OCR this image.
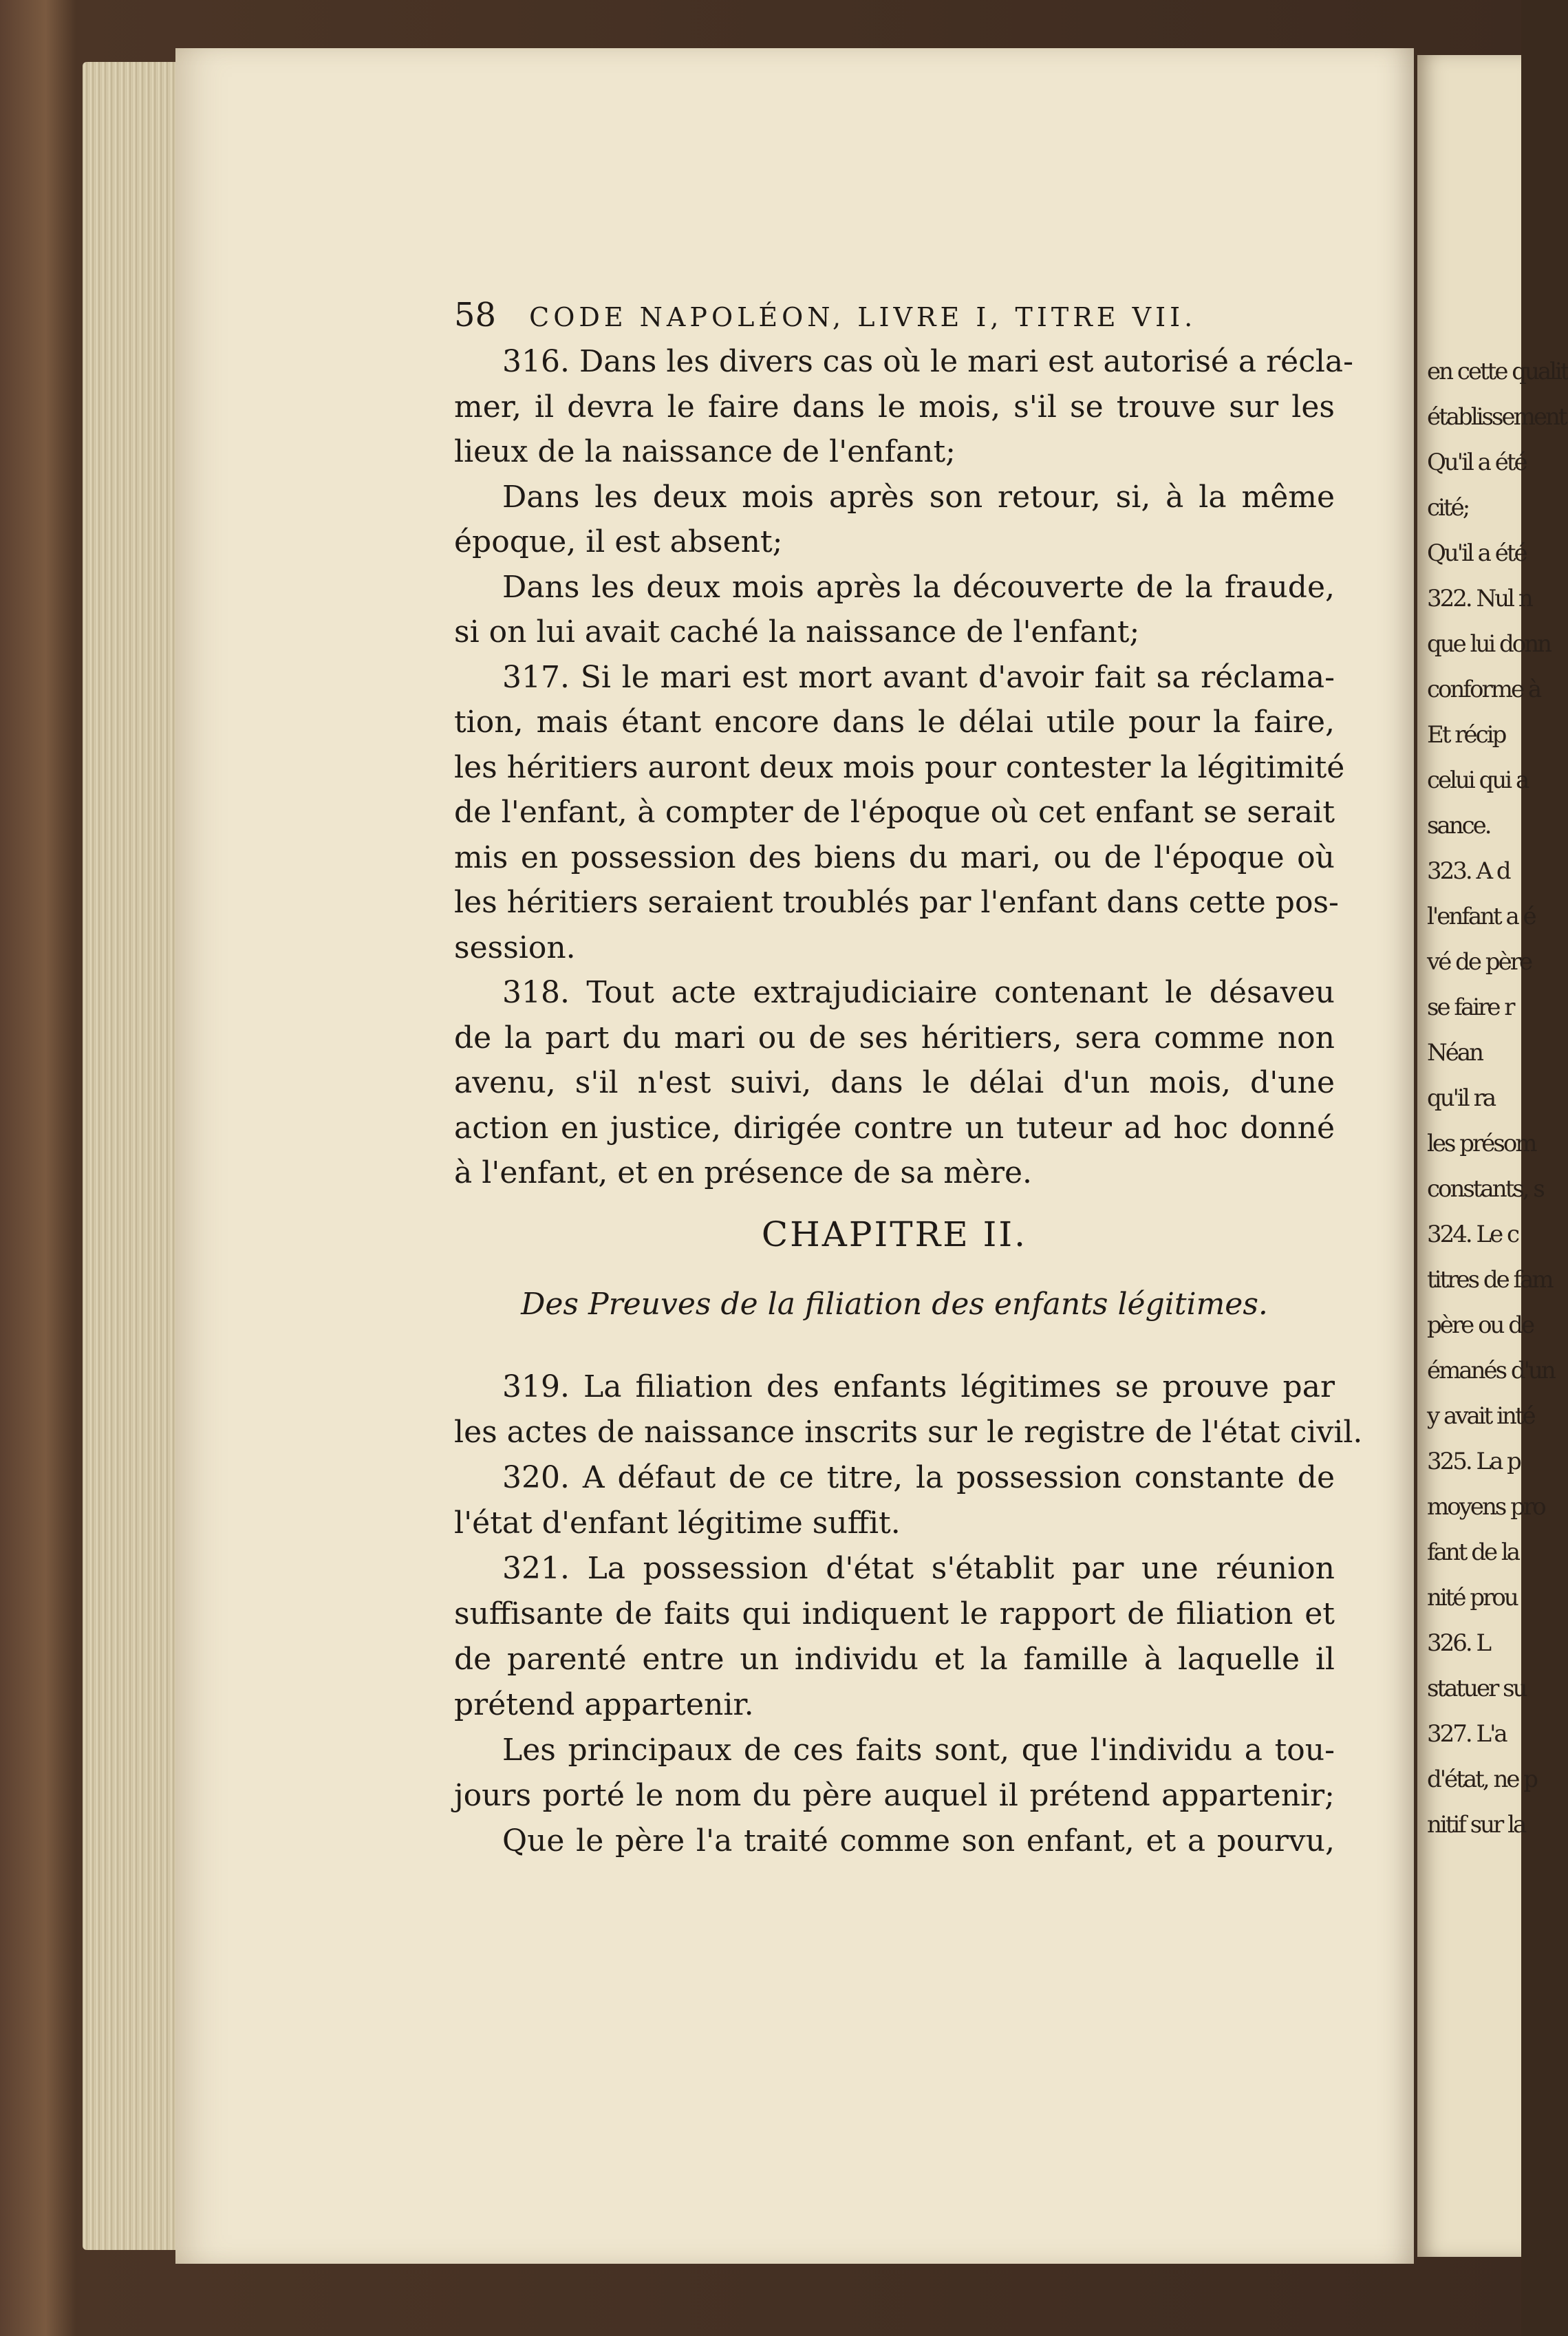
58 CODE NAPOLÉON, LIVRE I, TITRE VII.
316. Dans les divers cas où le mari est autorisé a récla-
mer, il devra le faire dans le mois, s'il se trouve sur les
lieux de la naissance de l'enfant;
Dans les deux mois après son retour, si, à la même
époque, il est absent;
Dans les deux mois après la découverte de la fraude,
si on lui avait caché la naissance de l'enfant;
317. Si le mari est mort avant d'avoir fait sa réclama-
tion, mais étant encore dans le délai utile pour la faire,
les héritiers auront deux mois pour contester la légitimité
de l'enfant, à compter de l'époque où cet enfant se serait
mis en possession des biens du mari, ou de l'époque où
les héritiers seraient troublés par l'enfant dans cette pos-
session.
318. Tout acte extrajudiciaire contenant le désaveu
de la part du mari ou de ses héritiers, sera comme non
avenu, s'il n'est suivi, dans le délai d'un mois, d'une
action en justice, dirigée contre un tuteur ad hoc donné
à l'enfant, et en présence de sa mère.
CHAPITRE II.
Des Preuves de la filiation des enfants légitimes.
319. La filiation des enfants légitimes se prouve par
les actes de naissance inscrits sur le registre de l'état civil.
320. A défaut de ce titre, la possession constante de
l'état d'enfant légitime suffit.
321. La possession d'état s'établit par une réunion
suffisante de faits qui indiquent le rapport de filiation et
de parenté entre un individu et la famille à laquelle il
prétend appartenir.
Les principaux de ces faits sont, que l'individu a tou-
jours porté le nom du père auquel il prétend appartenir;
Que le père l'a traité comme son enfant, et a pourvu,
en cette qualit
établissement
Qu'il a été
cité;
Qu'il a été
322. Nul n
que lui donn
conforme à
Et récip
celui qui a
sance.
323. A d
l'enfant a é
vé de père
se faire r
Néan
qu'il ra
les présom
constants, s
324. Le c
titres de fam
père ou de
émanés d'un
y avait inté
325. La p
moyens pro
fant de la
nité prou
326. L
statuer su
327. L'a
d'état, ne p
nitif sur la
